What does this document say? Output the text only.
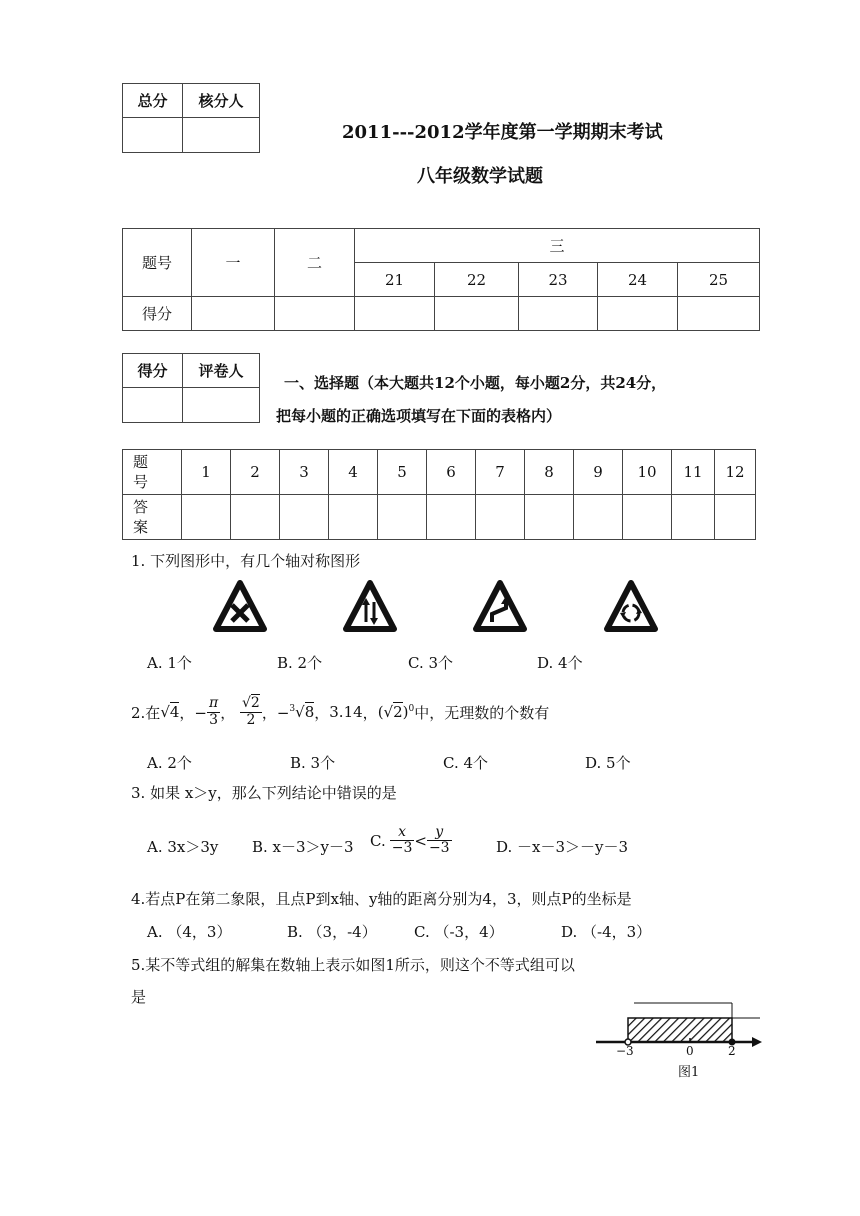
总分	核分人

2011---2012学年度第一学期期末考试
八年级数学试题
题号	一	二	三				
			21	22	23	24	25
得分							
得分	评卷人

一、选择题（本大题共12个小题，每小题2分，共24分，
把每小题的正确选项填写在下面的表格内）
题
号	1	2	3	4	5	6	7	8	9	10	11	12
答
案												
1. 下列图形中，有几个轴对称图形
A. 1个	B. 2个	C. 3个	D. 4个
2.在 √4 ，− $\frac{\pi}{3}$ ， $\frac{√2}{2}$ ，− $^3$√8 ， 3.14 ， $(√2)^0$ 中，无理数的个数有
A. 2个	B. 3个	C. 4个	D. 5个
3. 如果 x＞y，那么下列结论中错误的是
A. 3x＞3y B. x－3＞y－3 C. $\frac{x}{-3} < \frac{y}{-3}$	D. －x－3＞－y－3
4.若点P在第二象限，且点P到x轴、y轴的距离分别为4，3，则点P的坐标是
A. （4，3）	B. （3，-4） C. （-3，4）	D. （-4，3）
5.某不等式组的解集在数轴上表示如图1所示，则这个不等式组可以
是
−3	0	2
图1
